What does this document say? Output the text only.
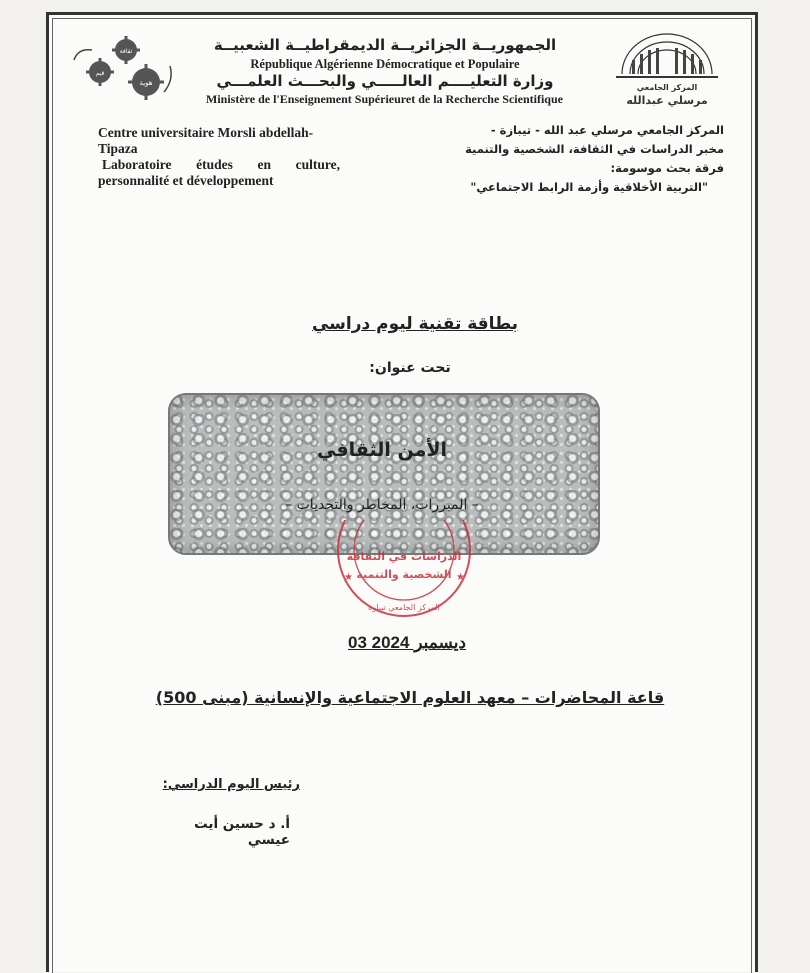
المركز الجامعي
مرسلي عبدالله
ثقافة
قيم
هوية
الجمهوريــة الجزائريــة الديمقراطيــة الشعبيــة
République Algérienne Démocratique et Populaire
وزارة التعليــــم العالـــــي والبحـــث العلمـــي
Ministère de l'Enseignement Supérieuret de la Recherche Scientifique
Centre universitaire Morsli abdellah-
Tipaza
Laboratoire études en culture,
personnalité et développement
المركز الجامعي مرسلي عبد الله - تيبازة -
مخبر الدراسات في الثقافة، الشخصية والتنمية
فرقة بحث موسومة:
"التربية الأخلاقية وأزمة الرابط الاجتماعي"
بطاقة تقنية ليوم دراسي
تحت عنوان:
الأمن الثقافي
– المبررات، المخاطر والتحديات –
الدراسات في الثقافة
الشخصية والتنمية
المركز الجامعي تيبازة
★	★
03 ديسمبر 2024
قاعة المحاضرات – معهد العلوم الاجتماعية والإنسانية (مبنى 500)
رئيس اليوم الدراسي:
أ. د حسين أيت عيسي
